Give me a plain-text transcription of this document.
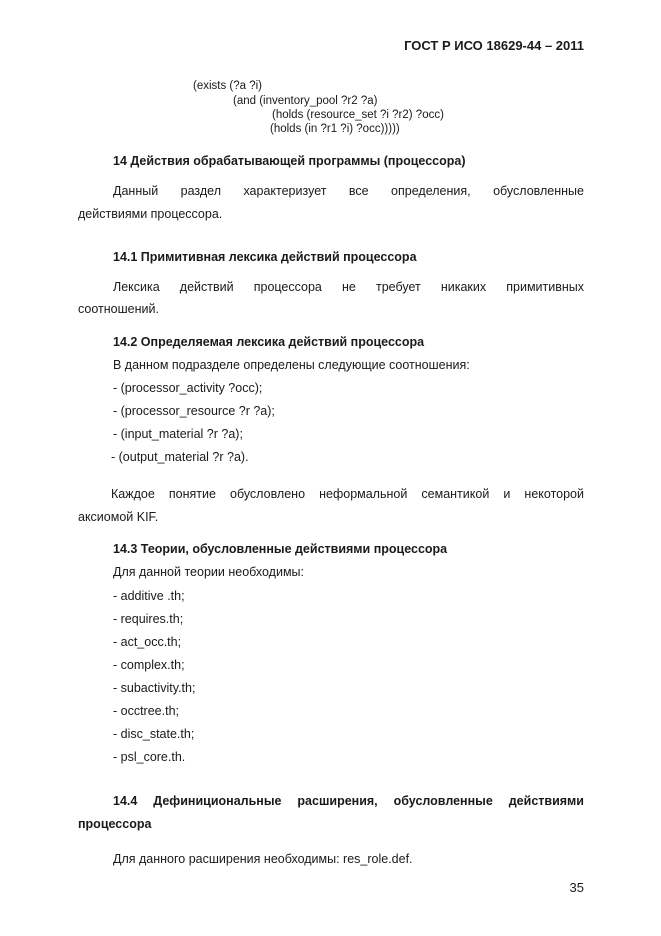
ГОСТ Р ИСО 18629-44 – 2011
(exists (?a ?i)
(and (inventory_pool ?r2 ?a)
(holds (resource_set ?i ?r2) ?occ)
(holds (in ?r1 ?i) ?occ)))))
14 Действия обрабатывающей программы (процессора)
Данный раздел характеризует все определения, обусловленные
действиями процессора.
14.1 Примитивная лексика действий процессора
Лексика действий процессора не требует никаких примитивных
соотношений.
14.2 Определяемая лексика действий процессора
В данном подразделе определены следующие соотношения:
- (processor_activity ?occ);
- (processor_resource ?r ?a);
- (input_material ?r ?a);
- (output_material ?r ?a).
Каждое понятие обусловлено неформальной семантикой и некоторой
аксиомой KIF.
14.3 Теории, обусловленные действиями процессора
Для данной теории необходимы:
- additive .th;
- requires.th;
- act_occ.th;
- complex.th;
- subactivity.th;
- occtree.th;
- disc_state.th;
- psl_core.th.
14.4 Дефинициональные расширения, обусловленные действиями
процессора
Для данного расширения необходимы: res_role.def.
35
